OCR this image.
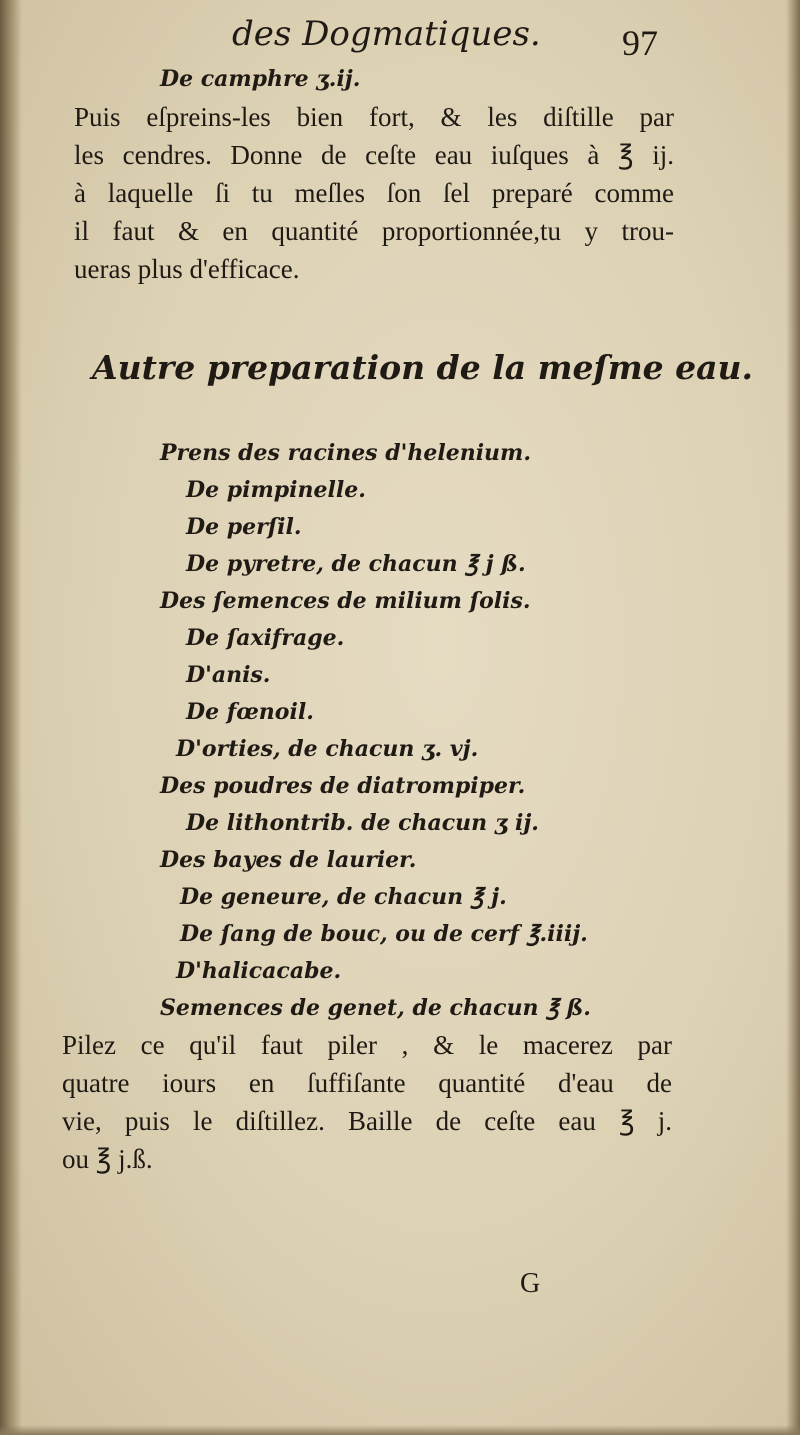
des Dogmatiques. 97
De camphre ʒ.ij.
Puis eſpreins-les bien fort, & les diſtille par
les cendres. Donne de ceſte eau iuſques à ℥ ij.
à laquelle ſi tu meſles ſon ſel preparé comme
il faut & en quantité proportionnée,tu y trou-
ueras plus d'efficace.
Autre preparation de la meſme eau.
Prens des racines d'helenium.
De pimpinelle.
De perſil.
De pyretre, de chacun ℥ j ß.
Des ſemences de milium ſolis.
De ſaxifrage.
D'anis.
De fœnoil.
D'orties, de chacun ʒ. vj.
Des poudres de diatrompiper.
De lithontrib. de chacun ʒ ij.
Des bayes de laurier.
De geneure, de chacun ℥ j.
De ſang de bouc, ou de cerf ℥.iiij.
D'halicacabe.
Semences de genet, de chacun ℥ ß.
Pilez ce qu'il faut piler , & le macerez par
quatre iours en ſuffiſante quantité d'eau de
vie, puis le diſtillez. Baille de ceſte eau ℥ j.
ou ℥ j.ß.
G
